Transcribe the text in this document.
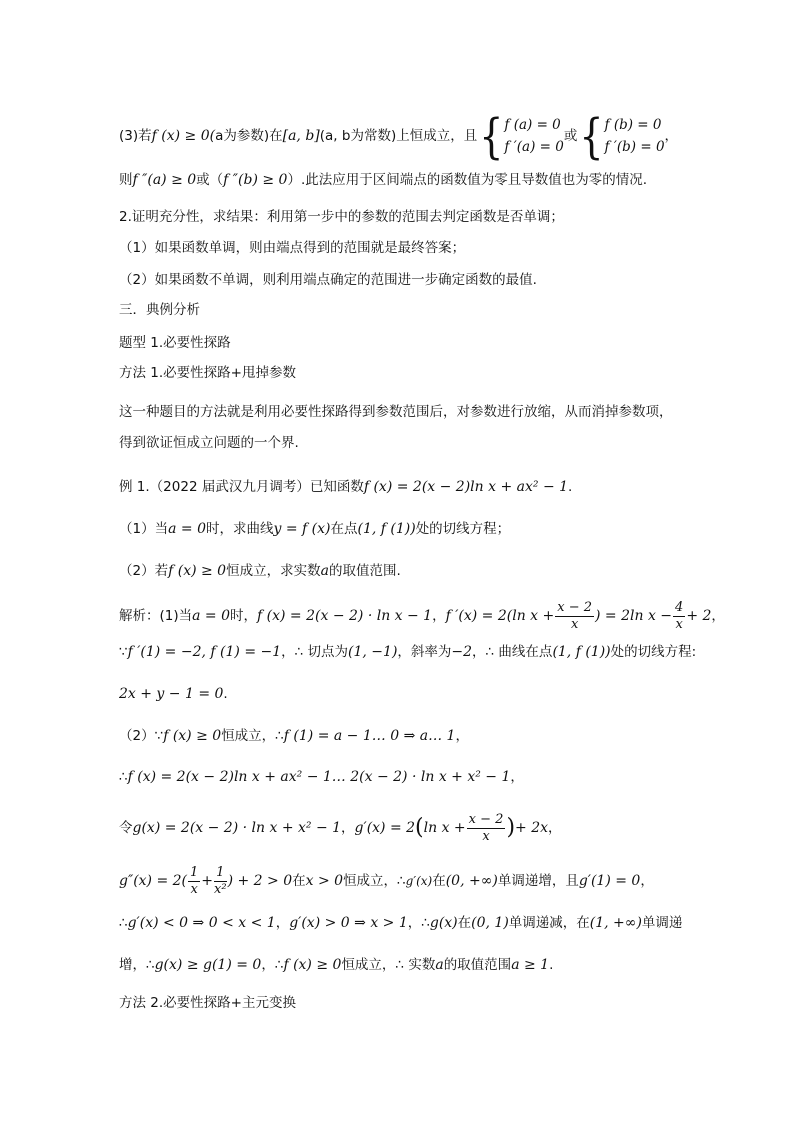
(3)若f (x) ≥ 0(a为参数)在[a, b](a, b为常数)上恒成立，且{ f (a) = 0
f ′(a) = 0
或{ f (b) = 0
f ′(b) = 0
，
则f ″(a) ≥ 0或（f ″(b) ≥ 0）.此法应用于区间端点的函数值为零且导数值也为零的情况.
2.证明充分性，求结果：利用第一步中的参数的范围去判定函数是否单调；
（1）如果函数单调，则由端点得到的范围就是最终答案；
（2）如果函数不单调，则利用端点确定的范围进一步确定函数的最值.
三．典例分析
题型 1.必要性探路
方法 1.必要性探路+甩掉参数
这一种题目的方法就是利用必要性探路得到参数范围后，对参数进行放缩，从而消掉参数项，
得到欲证恒成立问题的一个界.
例 1.（2022 届武汉九月调考）已知函数f (x) = 2(x − 2)ln x + ax² − 1.
（1）当a = 0时，求曲线y = f (x)在点(1, f (1))处的切线方程；
（2）若f (x) ≥ 0恒成立，求实数a的取值范围.
解析：(1)当a = 0时，f (x) = 2(x − 2) · ln x − 1，f ′(x) = 2(ln $x + \frac{x - 2}{x}$ ) = 2ln $x - \frac{4}{x} + 2$，
∵f ′(1) = −2, f (1) = −1，∴ 切点为(1, −1)，斜率为−2，∴ 曲线在点(1, f (1))处的切线方程:
2x + y − 1 = 0.
（2）∵f (x) ≥ 0恒成立，∴f (1) = a − 1… 0 ⇒ a… 1，
∴f (x) = 2(x − 2)ln x + ax² − 1… 2(x − 2) · ln x + x² − 1，
令g(x) = 2(x − 2) · ln x + x² − 1，g′(x) = 2(ln $x + \frac{x - 2}{x}$ )+ 2x，
$g''(x) = 2( \frac{1}{x} + \frac{1}{\text{x²}}$ ) + 2 > 0在x > 0恒成立，∴g′(x)在(0, +∞)单调递增，且g′(1) = 0，
∴g′(x) < 0 ⇒ 0 < x < 1，g′(x) > 0 ⇒ x > 1，∴g(x)在(0, 1)单调递减，在(1, +∞)单调递
增，∴g(x) ≥ g(1) = 0，∴f (x) ≥ 0恒成立，∴ 实数a的取值范围a ≥ 1.
方法 2.必要性探路+主元变换
